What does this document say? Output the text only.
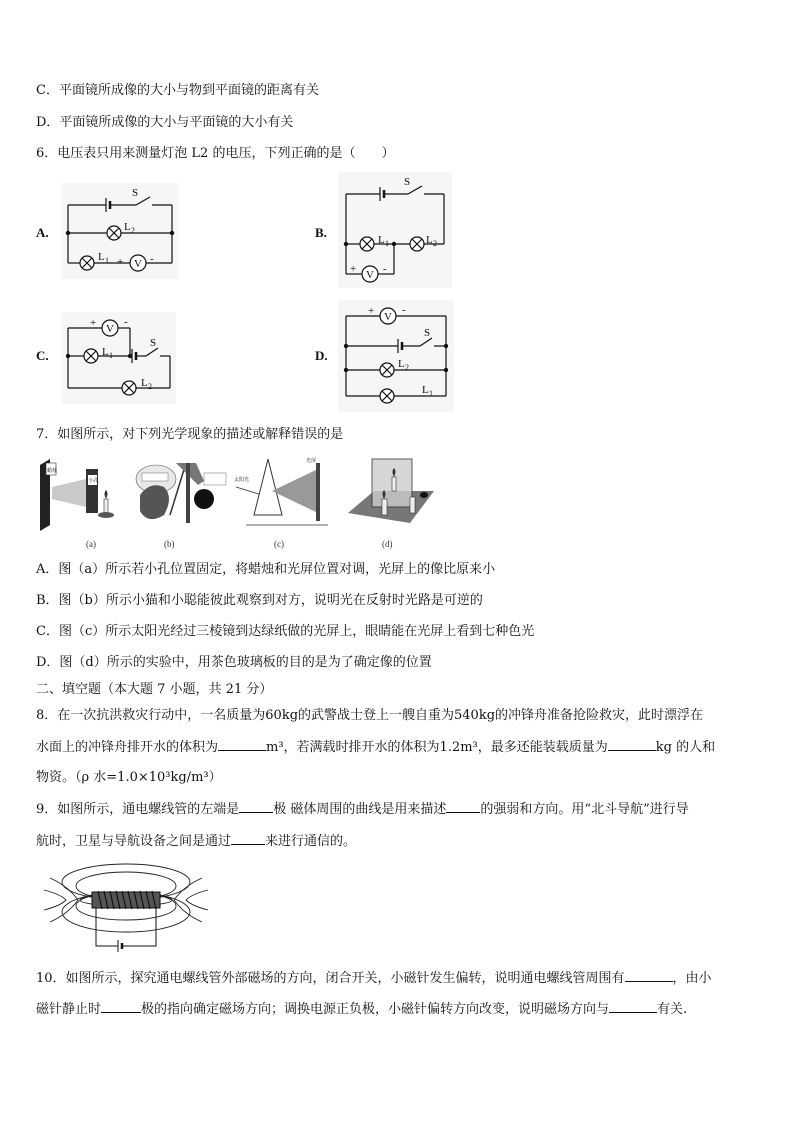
C．平面镜所成像的大小与物到平面镜的距离有关
D．平面镜所成像的大小与平面镜的大小有关
6．电压表只用来测量灯泡 L2 的电压，下列正确的是（　　）
A.
S
L 2
L 1 + V -
B.
S
L 1	L 2
+ V -
C.
+ V
-
L 1
S
L 2
D.
+ V
-
S
L 2
L 1
7．如图所示，对下列光学现象的描述或解释错误的是
蜡烛
小孔
(a)	(b)
太阳光
光屏
(c)	(d)
A．图（a）所示若小孔位置固定，将蜡烛和光屏位置对调，光屏上的像比原来小
B．图（b）所示小猫和小聪能彼此观察到对方，说明光在反射时光路是可逆的
C．图（c）所示太阳光经过三棱镜到达绿纸做的光屏上，眼睛能在光屏上看到七种色光
D．图（d）所示的实验中，用茶色玻璃板的目的是为了确定像的位置
二、填空题（本大题 7 小题，共 21 分）
8．在一次抗洪救灾行动中，一名质量为60kg的武警战士登上一艘自重为540kg的冲锋舟准备抢险救灾，此时漂浮在
水面上的冲锋舟排开水的体积为	m³，若满载时排开水的体积为1.2m³，最多还能装载质量为	kg 的人和
物资。（ρ 水=1.0×10³kg/m³）
9．如图所示，通电螺线管的左端是	极 磁体周围的曲线是用来描述	的强弱和方向。用“北斗导航”进行导
航时，卫星与导航设备之间是通过	来进行通信的。
10．如图所示，探究通电螺线管外部磁场的方向，闭合开关，小磁针发生偏转，说明通电螺线管周围有	，由小
磁针静止时	极的指向确定磁场方向；调换电源正负极，小磁针偏转方向改变，说明磁场方向与	有关.
